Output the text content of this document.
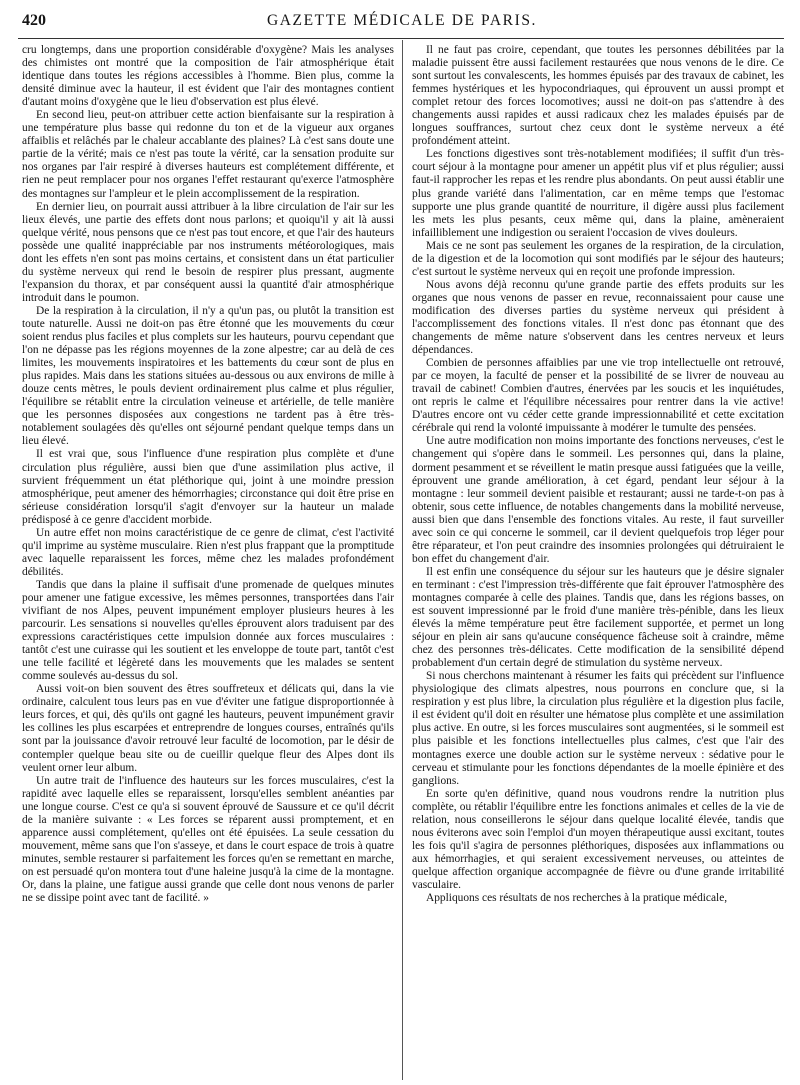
420	GAZETTE MÉDICALE DE PARIS.

cru longtemps, dans une proportion considérable d'oxygène? Mais les analyses des chimistes ont montré que la composition de l'air atmosphérique était identique dans toutes les régions accessibles à l'homme. Bien plus, comme la densité diminue avec la hauteur, il est évident que l'air des montagnes contient d'autant moins d'oxygène que le lieu d'observation est plus élevé.

En second lieu, peut-on attribuer cette action bienfaisante sur la respiration à une température plus basse qui redonne du ton et de la vigueur aux organes affaiblis et relâchés par le chaleur accablante des plaines? Là c'est sans doute une partie de la vérité; mais ce n'est pas toute la vérité, car la sensation produite sur nos organes par l'air respiré à diverses hauteurs est complétement différente, et rien ne peut remplacer pour nos organes l'effet restaurant qu'exerce l'atmosphère des montagnes sur l'ampleur et le plein accomplissement de la respiration.

En dernier lieu, on pourrait aussi attribuer à la libre circulation de l'air sur les lieux élevés, une partie des effets dont nous parlons; et quoiqu'il y ait là aussi quelque vérité, nous pensons que ce n'est pas tout encore, et que l'air des hauteurs possède une qualité inappréciable par nos instruments météorologiques, mais dont les effets n'en sont pas moins certains, et consistent dans un état particulier du système nerveux qui rend le besoin de respirer plus pressant, augmente l'expansion du thorax, et par conséquent aussi la quantité d'air atmosphérique introduit dans le poumon.

De la respiration à la circulation, il n'y a qu'un pas, ou plutôt la transition est toute naturelle. Aussi ne doit-on pas être étonné que les mouvements du cœur soient rendus plus faciles et plus complets sur les hauteurs, pourvu cependant que l'on ne dépasse pas les régions moyennes de la zone alpestre; car au delà de ces limites, les mouvements inspiratoires et les battements du cœur sont de plus en plus rapides. Mais dans les stations situées au-dessous ou aux environs de mille à douze cents mètres, le pouls devient ordinairement plus calme et plus régulier, l'équilibre se rétablit entre la circulation veineuse et artérielle, de telle manière que les personnes disposées aux congestions ne tardent pas à être très-notablement soulagées dès qu'elles ont séjourné pendant quelque temps dans un lieu élevé.

Il est vrai que, sous l'influence d'une respiration plus complète et d'une circulation plus régulière, aussi bien que d'une assimilation plus active, il survient fréquemment un état pléthorique qui, joint à une moindre pression atmosphérique, peut amener des hémorrhagies; circonstance qui doit être prise en sérieuse considération lorsqu'il s'agit d'envoyer sur la hauteur un malade prédisposé à ce genre d'accident morbide.

Un autre effet non moins caractéristique de ce genre de climat, c'est l'activité qu'il imprime au système musculaire. Rien n'est plus frappant que la promptitude avec laquelle reparaissent les forces, même chez les malades profondément débilités.

Tandis que dans la plaine il suffisait d'une promenade de quelques minutes pour amener une fatigue excessive, les mêmes personnes, transportées dans l'air vivifiant de nos Alpes, peuvent impunément employer plusieurs heures à les parcourir. Les sensations si nouvelles qu'elles éprouvent alors traduisent par des expressions caractéristiques cette impulsion donnée aux forces musculaires : tantôt c'est une cuirasse qui les soutient et les enveloppe de toute part, tantôt c'est une telle facilité et légèreté dans les mouvements que les malades se sentent comme soulevés au-dessus du sol.

Aussi voit-on bien souvent des êtres souffreteux et délicats qui, dans la vie ordinaire, calculent tous leurs pas en vue d'éviter une fatigue disproportionnée à leurs forces, et qui, dès qu'ils ont gagné les hauteurs, peuvent impunément gravir les collines les plus escarpées et entreprendre de longues courses, entraînés qu'ils sont par la jouissance d'avoir retrouvé leur faculté de locomotion, par le désir de contempler quelque beau site ou de cueillir quelque fleur des Alpes dont ils veulent orner leur album.

Un autre trait de l'influence des hauteurs sur les forces musculaires, c'est la rapidité avec laquelle elles se reparaissent, lorsqu'elles semblent anéanties par une longue course. C'est ce qu'a si souvent éprouvé de Saussure et ce qu'il décrit de la manière suivante : « Les forces se réparent aussi promptement, et en apparence aussi complétement, qu'elles ont été épuisées. La seule cessation du mouvement, même sans que l'on s'asseye, et dans le court espace de trois à quatre minutes, semble restaurer si parfaitement les forces qu'en se remettant en marche, on est persuadé qu'on montera tout d'une haleine jusqu'à la cime de la montagne. Or, dans la plaine, une fatigue aussi grande que celle dont nous venons de parler ne se dissipe point avec tant de facilité. »

Il ne faut pas croire, cependant, que toutes les personnes débilitées par la maladie puissent être aussi facilement restaurées que nous venons de le dire. Ce sont surtout les convalescents, les hommes épuisés par des travaux de cabinet, les femmes hystériques et les hypocondriaques, qui éprouvent un aussi prompt et complet retour des forces locomotives; aussi ne doit-on pas s'attendre à des changements aussi rapides et aussi radicaux chez les malades épuisés par de longues souffrances, surtout chez ceux dont le système nerveux a été profondément atteint.

Les fonctions digestives sont très-notablement modifiées; il suffit d'un très-court séjour à la montagne pour amener un appétit plus vif et plus régulier; aussi faut-il rapprocher les repas et les rendre plus abondants. On peut aussi établir une plus grande variété dans l'alimentation, car en même temps que l'estomac supporte une plus grande quantité de nourriture, il digère aussi plus facilement les mets les plus pesants, ceux même qui, dans la plaine, amèneraient infailliblement une indigestion ou seraient l'occasion de vives douleurs.

Mais ce ne sont pas seulement les organes de la respiration, de la circulation, de la digestion et de la locomotion qui sont modifiés par le séjour des hauteurs; c'est surtout le système nerveux qui en reçoit une profonde impression.

Nous avons déjà reconnu qu'une grande partie des effets produits sur les organes que nous venons de passer en revue, reconnaissaient pour cause une modification des diverses parties du système nerveux qui président à l'accomplissement des fonctions vitales. Il n'est donc pas étonnant que des changements de même nature s'observent dans les centres nerveux et leurs dépendances.

Combien de personnes affaiblies par une vie trop intellectuelle ont retrouvé, par ce moyen, la faculté de penser et la possibilité de se livrer de nouveau au travail de cabinet! Combien d'autres, énervées par les soucis et les inquiétudes, ont repris le calme et l'équilibre nécessaires pour rentrer dans la vie active! D'autres encore ont vu céder cette grande impressionnabilité et cette excitation cérébrale qui rend la volonté impuissante à modérer le tumulte des pensées.

Une autre modification non moins importante des fonctions nerveuses, c'est le changement qui s'opère dans le sommeil. Les personnes qui, dans la plaine, dorment pesamment et se réveillent le matin presque aussi fatiguées que la veille, éprouvent une grande amélioration, à cet égard, pendant leur séjour à la montagne : leur sommeil devient paisible et restaurant; aussi ne tarde-t-on pas à obtenir, sous cette influence, de notables changements dans la mobilité nerveuse, aussi bien que dans l'ensemble des fonctions vitales. Au reste, il faut surveiller avec soin ce qui concerne le sommeil, car il devient quelquefois trop léger pour être réparateur, et l'on peut craindre des insomnies prolongées qui détruiraient le bon effet du changement d'air.

Il est enfin une conséquence du séjour sur les hauteurs que je désire signaler en terminant : c'est l'impression très-différente que fait éprouver l'atmosphère des montagnes comparée à celle des plaines. Tandis que, dans les régions basses, on est souvent impressionné par le froid d'une manière très-pénible, dans les lieux élevés la même température peut être facilement supportée, et permet un long séjour en plein air sans qu'aucune conséquence fâcheuse soit à craindre, même chez des personnes très-délicates. Cette modification de la sensibilité dépend probablement d'un certain degré de stimulation du système nerveux.

Si nous cherchons maintenant à résumer les faits qui précèdent sur l'influence physiologique des climats alpestres, nous pourrons en conclure que, si la respiration y est plus libre, la circulation plus régulière et la digestion plus facile, il est évident qu'il doit en résulter une hématose plus complète et une assimilation plus active. En outre, si les forces musculaires sont augmentées, si le sommeil est plus paisible et les fonctions intellectuelles plus calmes, c'est que l'air des montagnes exerce une double action sur le système nerveux : sédative pour le cerveau et stimulante pour les fonctions dépendantes de la moelle épinière et des ganglions.

En sorte qu'en définitive, quand nous voudrons rendre la nutrition plus complète, ou rétablir l'équilibre entre les fonctions animales et celles de la vie de relation, nous conseillerons le séjour dans quelque localité élevée, tandis que nous éviterons avec soin l'emploi d'un moyen thérapeutique aussi excitant, toutes les fois qu'il s'agira de personnes pléthoriques, disposées aux inflammations ou aux hémorrhagies, et qui seraient excessivement nerveuses, ou atteintes de quelque affection organique accompagnée de fièvre ou d'une grande irritabilité vasculaire.

Appliquons ces résultats de nos recherches à la pratique médicale,
